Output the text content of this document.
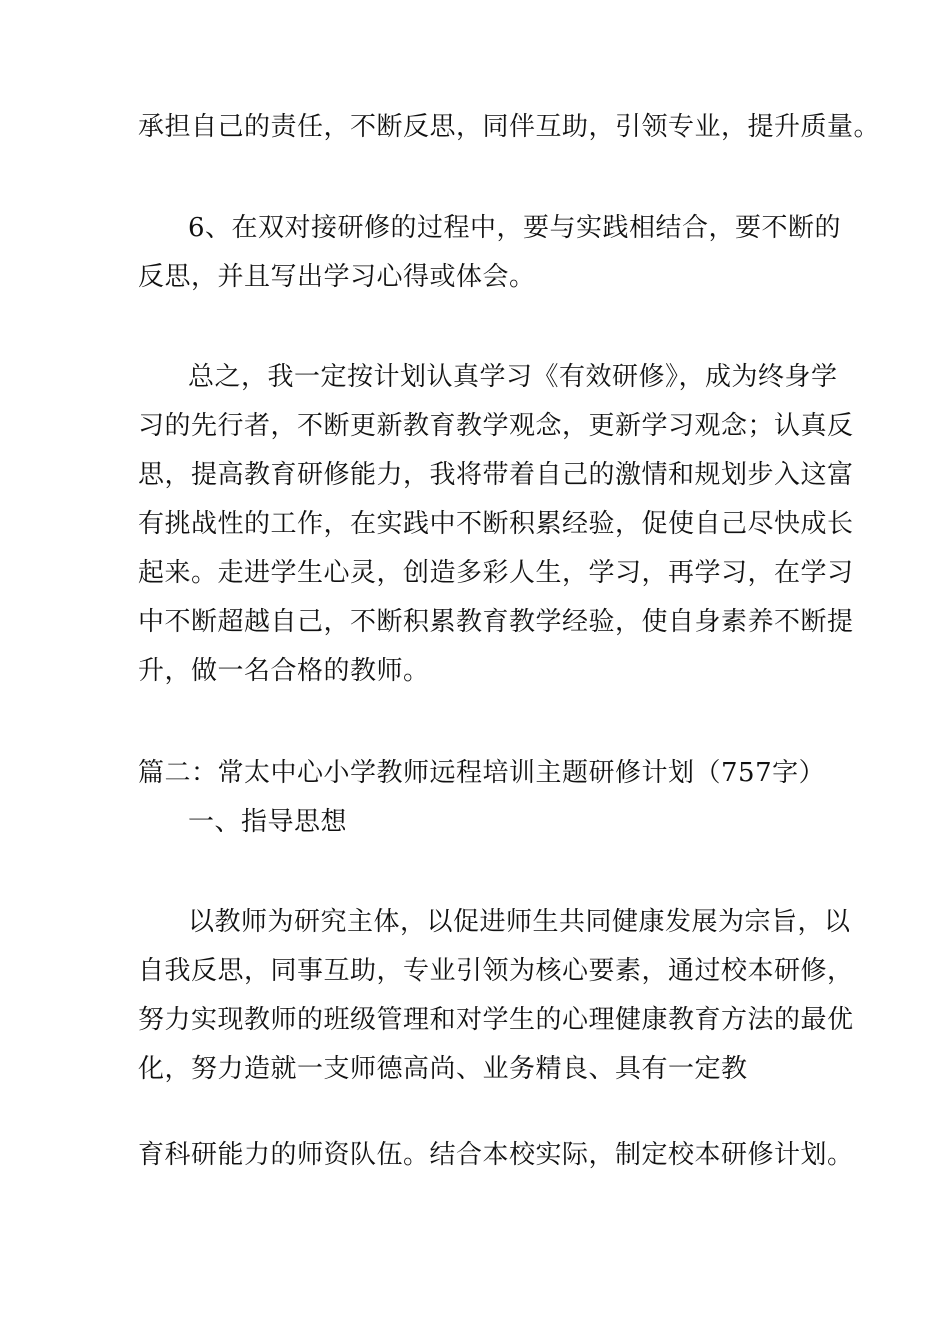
承担自己的责任，不断反思，同伴互助，引领专业，提升质量。
6、在双对接研修的过程中，要与实践相结合，要不断的
反思，并且写出学习心得或体会。
总之，我一定按计划认真学习《有效研修》，成为终身学
习的先行者，不断更新教育教学观念，更新学习观念；认真反
思，提高教育研修能力，我将带着自己的激情和规划步入这富
有挑战性的工作，在实践中不断积累经验，促使自己尽快成长
起来。走进学生心灵，创造多彩人生，学习，再学习，在学习
中不断超越自己，不断积累教育教学经验，使自身素养不断提
升，做一名合格的教师。
篇二：常太中心小学教师远程培训主题研修计划（757字）
一、指导思想
以教师为研究主体，以促进师生共同健康发展为宗旨，以
自我反思，同事互助，专业引领为核心要素，通过校本研修，
努力实现教师的班级管理和对学生的心理健康教育方法的最优
化，努力造就一支师德高尚、业务精良、具有一定教
育科研能力的师资队伍。结合本校实际，制定校本研修计划。
